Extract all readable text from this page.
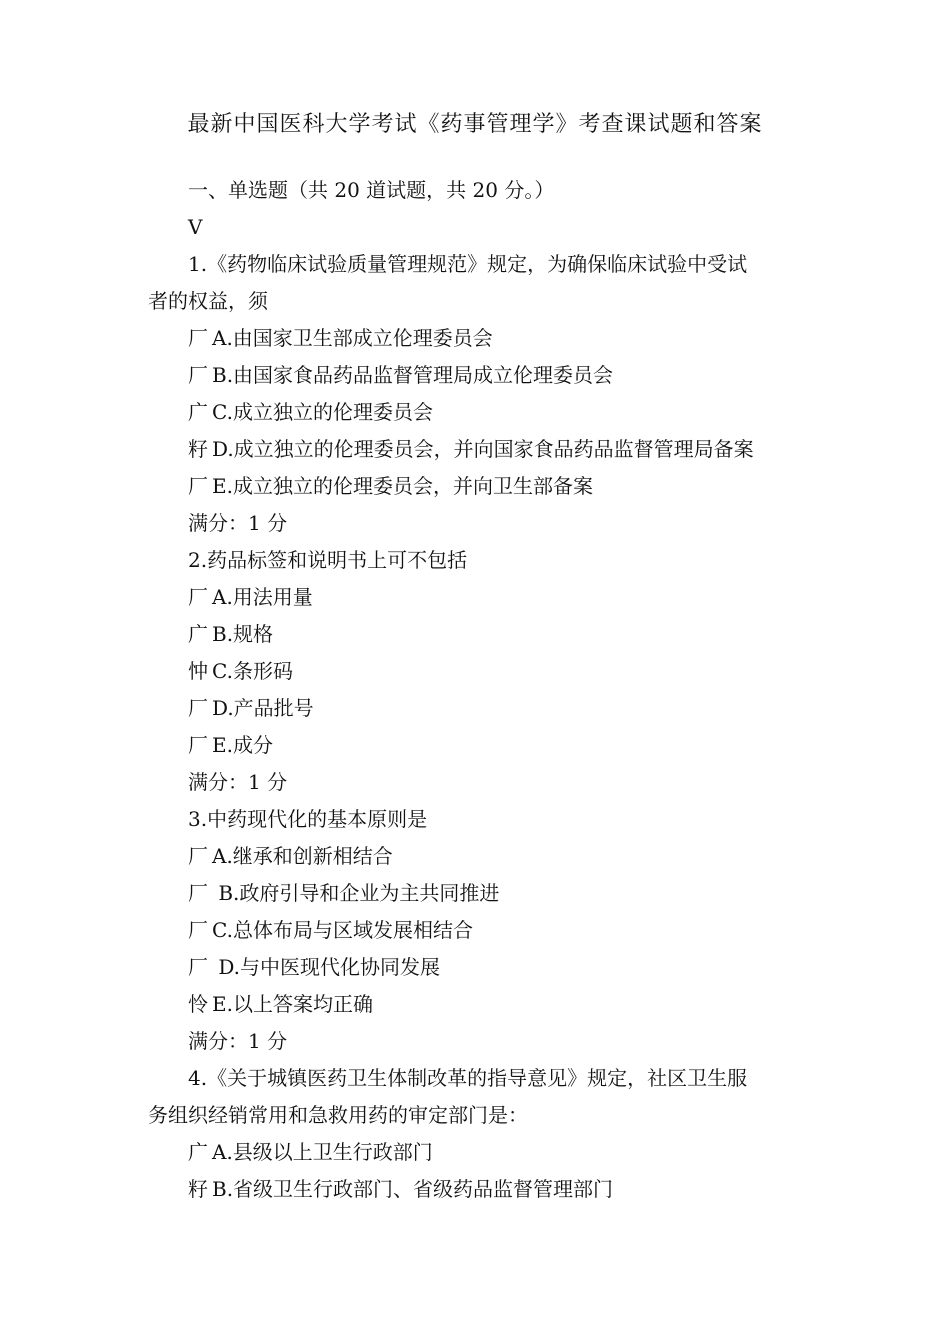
最新中国医科大学考试《药事管理学》考查课试题和答案
一、单选题（共 20 道试题，共 20 分。）
V
1.《药物临床试验质量管理规范》规定，为确保临床试验中受试
者的权益，须
厂 A.由国家卫生部成立伦理委员会
厂 B.由国家食品药品监督管理局成立伦理委员会
广 C.成立独立的伦理委员会
籽 D.成立独立的伦理委员会，并向国家食品药品监督管理局备案
厂 E.成立独立的伦理委员会，并向卫生部备案
满分：1 分
2.药品标签和说明书上可不包括
厂 A.用法用量
广 B.规格
忡 C.条形码
厂 D.产品批号
厂 E.成分
满分：1 分
3.中药现代化的基本原则是
厂 A.继承和创新相结合
厂 B.政府引导和企业为主共同推进
厂 C.总体布局与区域发展相结合
厂 D.与中医现代化协同发展
怜 E.以上答案均正确
满分：1 分
4.《关于城镇医药卫生体制改革的指导意见》规定，社区卫生服
务组织经销常用和急救用药的审定部门是：
广 A.县级以上卫生行政部门
籽 B.省级卫生行政部门、省级药品监督管理部门
